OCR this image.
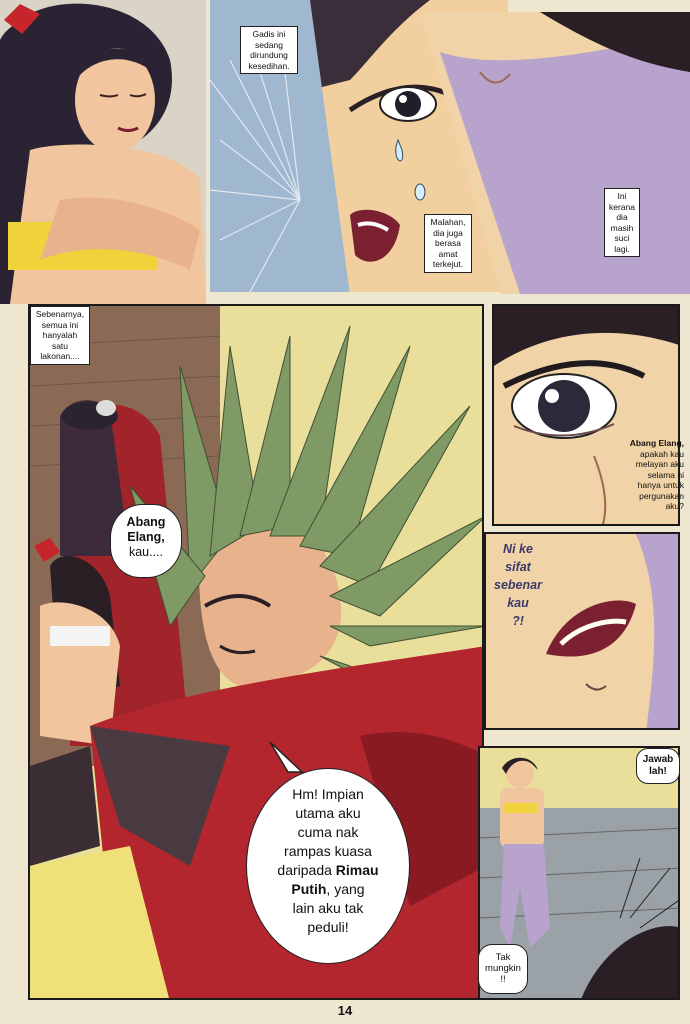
Gadis ini
sedang
dirundung
kesedihan.
Malahan,
dia juga
berasa
amat
terkejut.
Ini
kerana
dia
masih
suci
lagi.
Sebenarnya,
semua ini
hanyalah
satu
lakonan....
Abang Elang,
kau....
Abang Elang,
apakah kau
melayan aku
selama ni
hanya untuk
pergunakan
aku?
Ni ke
sifat
sebenar
kau
?!
Hm! Impian
utama aku
cuma nak
rampas kuasa
daripada Rimau
Putih, yang
lain aku tak
peduli!
Jawab
lah!
Tak
mungkin
!!
14
